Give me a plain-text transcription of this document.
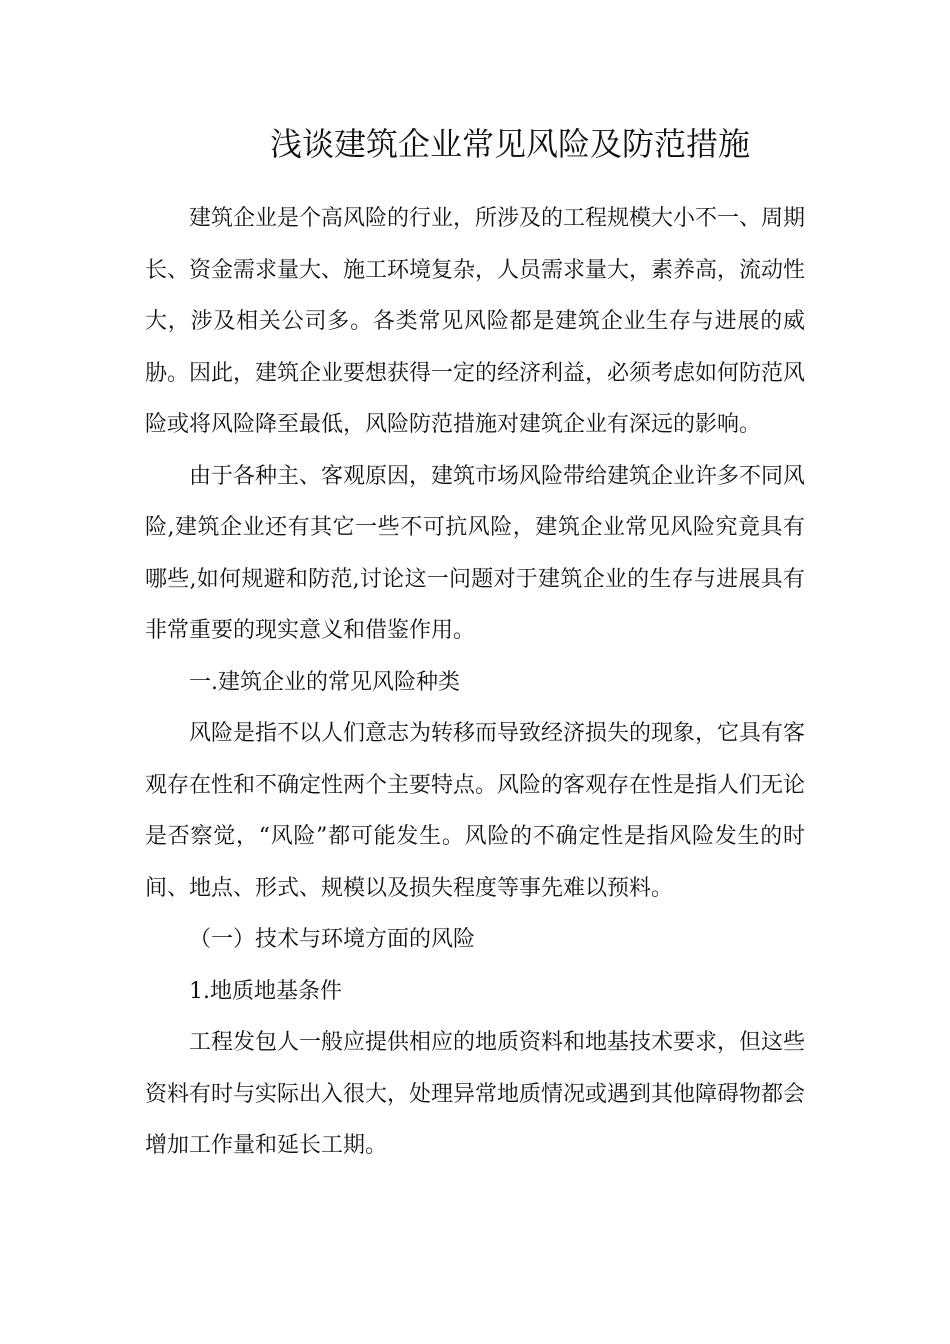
浅谈建筑企业常见风险及防范措施

建筑企业是个高风险的行业，所涉及的工程规模大小不一、周期长、资金需求量大、施工环境复杂，人员需求量大，素养高，流动性大，涉及相关公司多。各类常见风险都是建筑企业生存与进展的威胁。因此，建筑企业要想获得一定的经济利益，必须考虑如何防范风险或将风险降至最低，风险防范措施对建筑企业有深远的影响。

由于各种主、客观原因，建筑市场风险带给建筑企业许多不同风险,建筑企业还有其它一些不可抗风险，建筑企业常见风险究竟具有哪些,如何规避和防范,讨论这一问题对于建筑企业的生存与进展具有非常重要的现实意义和借鉴作用。

一.建筑企业的常见风险种类

风险是指不以人们意志为转移而导致经济损失的现象，它具有客观存在性和不确定性两个主要特点。风险的客观存在性是指人们无论是否察觉，“风险”都可能发生。风险的不确定性是指风险发生的时间、地点、形式、规模以及损失程度等事先难以预料。

（一）技术与环境方面的风险

1.地质地基条件

工程发包人一般应提供相应的地质资料和地基技术要求，但这些资料有时与实际出入很大，处理异常地质情况或遇到其他障碍物都会增加工作量和延长工期。
